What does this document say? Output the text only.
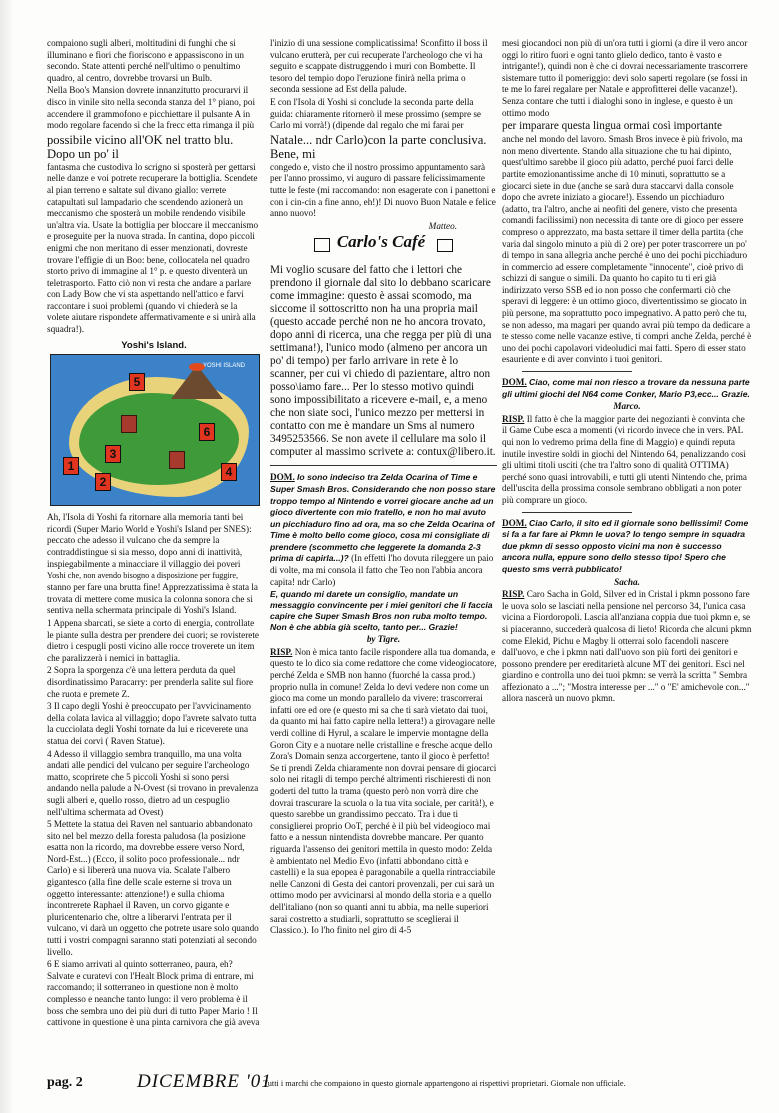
compaiono sugli alberi, moltitudini di funghi che si illuminano e fiori che fioriscono e appassiscono in un secondo. State attenti perché nell'ultimo o penultimo quadro, al centro, dovrebbe trovarsi un Bulb.

Nella Boo's Mansion dovrete innanzitutto procurarvi il disco in vinile sito nella seconda stanza del 1° piano, poi accendere il grammofono e picchiettare il pulsante A in modo regolare facendo sì che la frecc etta rimanga il più

possibile vicino all'OK nel tratto blu. Dopo un po' il

fantasma che custodiva lo scrigno si sposterà per gettarsi nelle danze e voi potrete recuperare la bottiglia. Scendete al pian terreno e saltate sul divano giallo: verrete catapultati sul lampadario che scendendo azionerà un meccanismo che sposterà un mobile rendendo visibile un'altra via. Usate la bottiglia per bloccare il meccanismo e proseguite per la nuova strada. In cantina, dopo piccoli enigmi che non meritano di esser menzionati, dovreste trovare l'effigie di un Boo: bene, collocatela nel quadro storto privo di immagine al 1° p. e questo diventerà un teletrasporto. Fatto ciò non vi resta che andare a parlare con Lady Bow che vi sta aspettando nell'attico e farvi raccontare i suoi problemi (quando vi chiederà se la volete aiutare rispondete affermativamente e si unirà alla squadra!).

Yoshi's Island.
YOSHI ISLAND
1
2
3
4
5
6

Ah, l'Isola di Yoshi fa ritornare alla memoria tanti bei ricordi (Super Mario World e Yoshi's Island per SNES): peccato che adesso il vulcano che da sempre la contraddistingue si sia messo, dopo anni di inattività, inspiegabilmente a minacciare il villaggio dei poveri

Yoshi che, non avendo bisogno a disposizione per fuggire,

stanno per fare una brutta fine! Apprezzatissima è stata la trovata di mettere come musica la colonna sonora che si sentiva nella schermata principale di Yoshi's Island.

1 Appena sbarcati, se siete a corto di energia, controllate le piante sulla destra per prendere dei cuori; se rovisterete dietro i cespugli posti vicino alle rocce troverete un item che paralizzerà i nemici in battaglia.

2 Sopra la sporgenza c'è una lettera perduta da quel disordinatissimo Paracarry: per prenderla salite sul fiore che ruota e premete Z.

3 Il capo degli Yoshi è preoccupato per l'avvicinamento della colata lavica al villaggio; dopo l'avrete salvato tutta la cucciolata degli Yoshi tornate da lui e riceverete una statua dei corvi ( Raven Statue).

4 Adesso il villaggio sembra tranquillo, ma una volta andati alle pendici del vulcano per seguire l'archeologo matto, scoprirete che 5 piccoli Yoshi si sono persi andando nella palude a N-Ovest (si trovano in prevalenza sugli alberi e, quello rosso, dietro ad un cespuglio nell'ultima schermata ad Ovest)

5 Mettete la statua dei Raven nel santuario abbandonato sito nel bel mezzo della foresta paludosa (la posizione esatta non la ricordo, ma dovrebbe essere verso Nord, Nord-Est...) (Ecco, il solito poco professionale... ndr Carlo) e si libererà una nuova via. Scalate l'albero gigantesco (alla fine delle scale esterne si trova un oggetto interessante: attenzione!) e sulla chioma incontrerete Raphael il Raven, un corvo gigante e pluricentenario che, oltre a liberarvi l'entrata per il vulcano, vi darà un oggetto che potrete usare solo quando tutti i vostri compagni saranno stati potenziati al secondo livello.

6 E siamo arrivati al quinto sotterraneo, paura, eh? Salvate e curatevi con l'Healt Block prima di entrare, mi raccomando; il sotterraneo in questione non è molto complesso e neanche tanto lungo: il vero problema è il boss che sembra uno dei più duri di tutto Paper Mario ! Il cattivone in questione è una pinta carnivora che già aveva

l'inizio di una sessione complicatissima! Sconfitto il boss il vulcano erutterà, per cui recuperate l'archeologo che vi ha seguito e scappate distruggendo i muri con Bombette. Il tesoro del tempio dopo l'eruzione finirà nella prima o seconda sessione ad Est della palude.

E con l'Isola di Yoshi si conclude la seconda parte della guida: chiaramente ritornerò il mese prossimo (sempre se Carlo mi vorrà!) (dipende dal regalo che mi farai per

Natale... ndr Carlo)con la parte conclusiva. Bene, mi

congedo e, visto che il nostro prossimo appuntamento sarà per l'anno prossimo, vi auguro di passare felicissimamente tutte le feste (mi raccomando: non esagerate con i panettoni e con i cin-cin a fine anno, eh!)! Di nuovo Buon Natale e felice anno nuovo!

Matteo.

Carlo's Café

Mi voglio scusare del fatto che i lettori che prendono il giornale dal sito lo debbano scaricare come immagine: questo è assai scomodo, ma siccome il sottoscritto non ha una propria mail (questo accade perché non ne ho ancora trovato, dopo anni di ricerca, una che regga per più di una settimana!), l'unico modo (almeno per ancora un po' di tempo) per farlo arrivare in rete è lo scanner, per cui vi chiedo di pazientare, altro non posso\iamo fare... Per lo stesso motivo quindi sono impossibilitato a ricevere e-mail, e, a meno che non siate soci, l'unico mezzo per mettersi in contatto con me è mandare un Sms al numero 3495253566. Se non avete il cellulare ma solo il computer al massimo scrivete a: contux@libero.it.

DOM. Io sono indeciso tra Zelda Ocarina of Time e Super Smash Bros. Considerando che non posso stare troppo tempo al Nintendo e vorrei giocare anche ad un gioco divertente con mio fratello, e non ho mai avuto un picchiaduro fino ad ora, ma so che Zelda Ocarina of Time è molto bello come gioco, cosa mi consigliate di prendere (scommetto che leggerete la domanda 2-3 prima di capirla...)? (In effetti l'ho dovuta rileggere un paio di volte, ma mi consola il fatto che Teo non l'abbia ancora capita! ndr Carlo)

E, quando mi darete un consiglio, mandate un messaggio convincente per i miei genitori che li faccia capire che Super Smash Bros non ruba molto tempo. Non è che abbia già scelto, tanto per... Grazie!

by Tigre.

RISP. Non è mica tanto facile rispondere alla tua domanda, e questo te lo dico sia come redattore che come videogiocatore, perché Zelda e SMB non hanno (fuorché la cassa prod.) proprio nulla in comune! Zelda lo devi vedere non come un gioco ma come un mondo parallelo da vivere: trascorrerai infatti ore ed ore (e questo mi sa che ti sarà vietato dai tuoi, da quanto mi hai fatto capire nella lettera!) a girovagare nelle verdi colline di Hyrul, a scalare le impervie montagne della Goron City e a nuotare nelle cristalline e fresche acque dello Zora's Domain senza accorgertene, tanto il gioco è perfetto! Se ti prendi Zelda chiaramente non dovrai pensare di giocarci solo nei ritagli di tempo perché altrimenti rischieresti di non goderti del tutto la trama (questo però non vorrà dire che dovrai trascurare la scuola o la tua vita sociale, per carità!), e questo sarebbe un grandissimo peccato. Tra i due ti consiglierei proprio OoT, perché è il più bel videogioco mai fatto e a nessun nintendista dovrebbe mancare. Per quanto riguarda l'assenso dei genitori mettila in questo modo: Zelda è ambientato nel Medio Evo (infatti abbondano città e castelli) e la sua epopea è paragonabile a quella rintracciabile nelle Canzoni di Gesta dei cantori provenzali, per cui sarà un ottimo modo per avvicinarsi al mondo della storia e a quello dell'italiano (non so quanti anni tu abbia, ma nelle superiori sarai costretto a studiarli, soprattutto se sceglierai il Classico.). Io l'ho finito nel giro di 4-5

mesi giocandoci non più di un'ora tutti i giorni (a dire il vero ancor oggi lo ritiro fuori e ogni tanto glielo dedico, tanto è vasto e intrigante!), quindi non è che ci dovrai necessariamente trascorrere sistemare tutto il pomeriggio: devi solo saperti regolare (se fossi in te me lo farei regalare per Natale e approfitterei delle vacanze!). Senza contare che tutti i dialoghi sono in inglese, e questo è un ottimo modo

per imparare questa lingua ormai così importante

anche nel mondo del lavoro. Smash Bros invece è più frivolo, ma non meno divertente. Stando alla situazione che tu hai dipinto, quest'ultimo sarebbe il gioco più adatto, perché puoi farci delle partite emozionantissime anche di 10 minuti, soprattutto se a giocarci siete in due (anche se sarà dura staccarvi dalla console dopo che avrete iniziato a giocare!). Essendo un picchiaduro (adatto, tra l'altro, anche ai neofiti del genere, visto che presenta comandi facilissimi) non necessita di tante ore di gioco per essere compreso o apprezzato, ma basta settare il timer della partita (che varia dal singolo minuto a più di 2 ore) per poter trascorrere un po' di tempo in sana allegria anche perché è uno dei pochi picchiaduro in commercio ad essere completamente "innocente", cioè privo di schizzi di sangue o simili. Da quanto ho capito tu ti eri già indirizzato verso SSB ed io non posso che confermarti ciò che speravi di leggere: è un ottimo gioco, divertentissimo se giocato in più persone, ma soprattutto poco impegnativo. A patto però che tu, se non adesso, ma magari per quando avrai più tempo da dedicare a te stesso come nelle vacanze estive, ti compri anche Zelda, perché è uno dei pochi capolavori videoludici mai fatti. Spero di esser stato esauriente e di aver convinto i tuoi genitori.

DOM. Ciao, come mai non riesco a trovare da nessuna parte gli ultimi giochi del N64 come Conker, Mario P3,ecc... Grazie.

Marco.

RISP. Il fatto è che la maggior parte dei negozianti è convinta che il Game Cube esca a momenti (vi ricordo invece che in vers. PAL qui non lo vedremo prima della fine di Maggio) e quindi reputa inutile investire soldi in giochi del Nintendo 64, penalizzando così gli ultimi titoli usciti (che tra l'altro sono di qualità OTTIMA) perché sono quasi introvabili, e tutti gli utenti Nintendo che, prima dell'uscita della prossima console sembrano obbligati a non poter più comprare un gioco.

DOM. Ciao Carlo, il sito ed il giornale sono bellissimi! Come si fa a far fare ai Pkmn le uova? Io tengo sempre in squadra due pkmn di sesso opposto vicini ma non è successo ancora nulla, eppure sono dello stesso tipo! Spero che questo sms verrà pubblicato!

Sacha.

RISP. Caro Sacha in Gold, Silver ed in Cristal i pkmn possono fare le uova solo se lasciati nella pensione nel percorso 34, l'unica casa vicina a Fiordoropoli. Lascia all'anziana coppia due tuoi pkmn e, se si piaceranno, succederà qualcosa di lieto! Ricorda che alcuni pkmn come Elekid, Pichu e Magby li otterrai solo facendoli nascere dall'uovo, e che i pkmn nati dall'uovo son più forti dei genitori e possono prendere per ereditarietà alcune MT dei genitori. Esci nel giardino e controlla uno dei tuoi pkmn: se verrà la scritta " Sembra affezionato a ..."; "Mostra interesse per ..." o "E' amichevole con..." allora nascerà un nuovo pkmn.

pag. 2	DICEMBRE '01
Tutti i marchi che compaiono in questo giornale appartengono ai rispettivi proprietari. Giornale non ufficiale.
